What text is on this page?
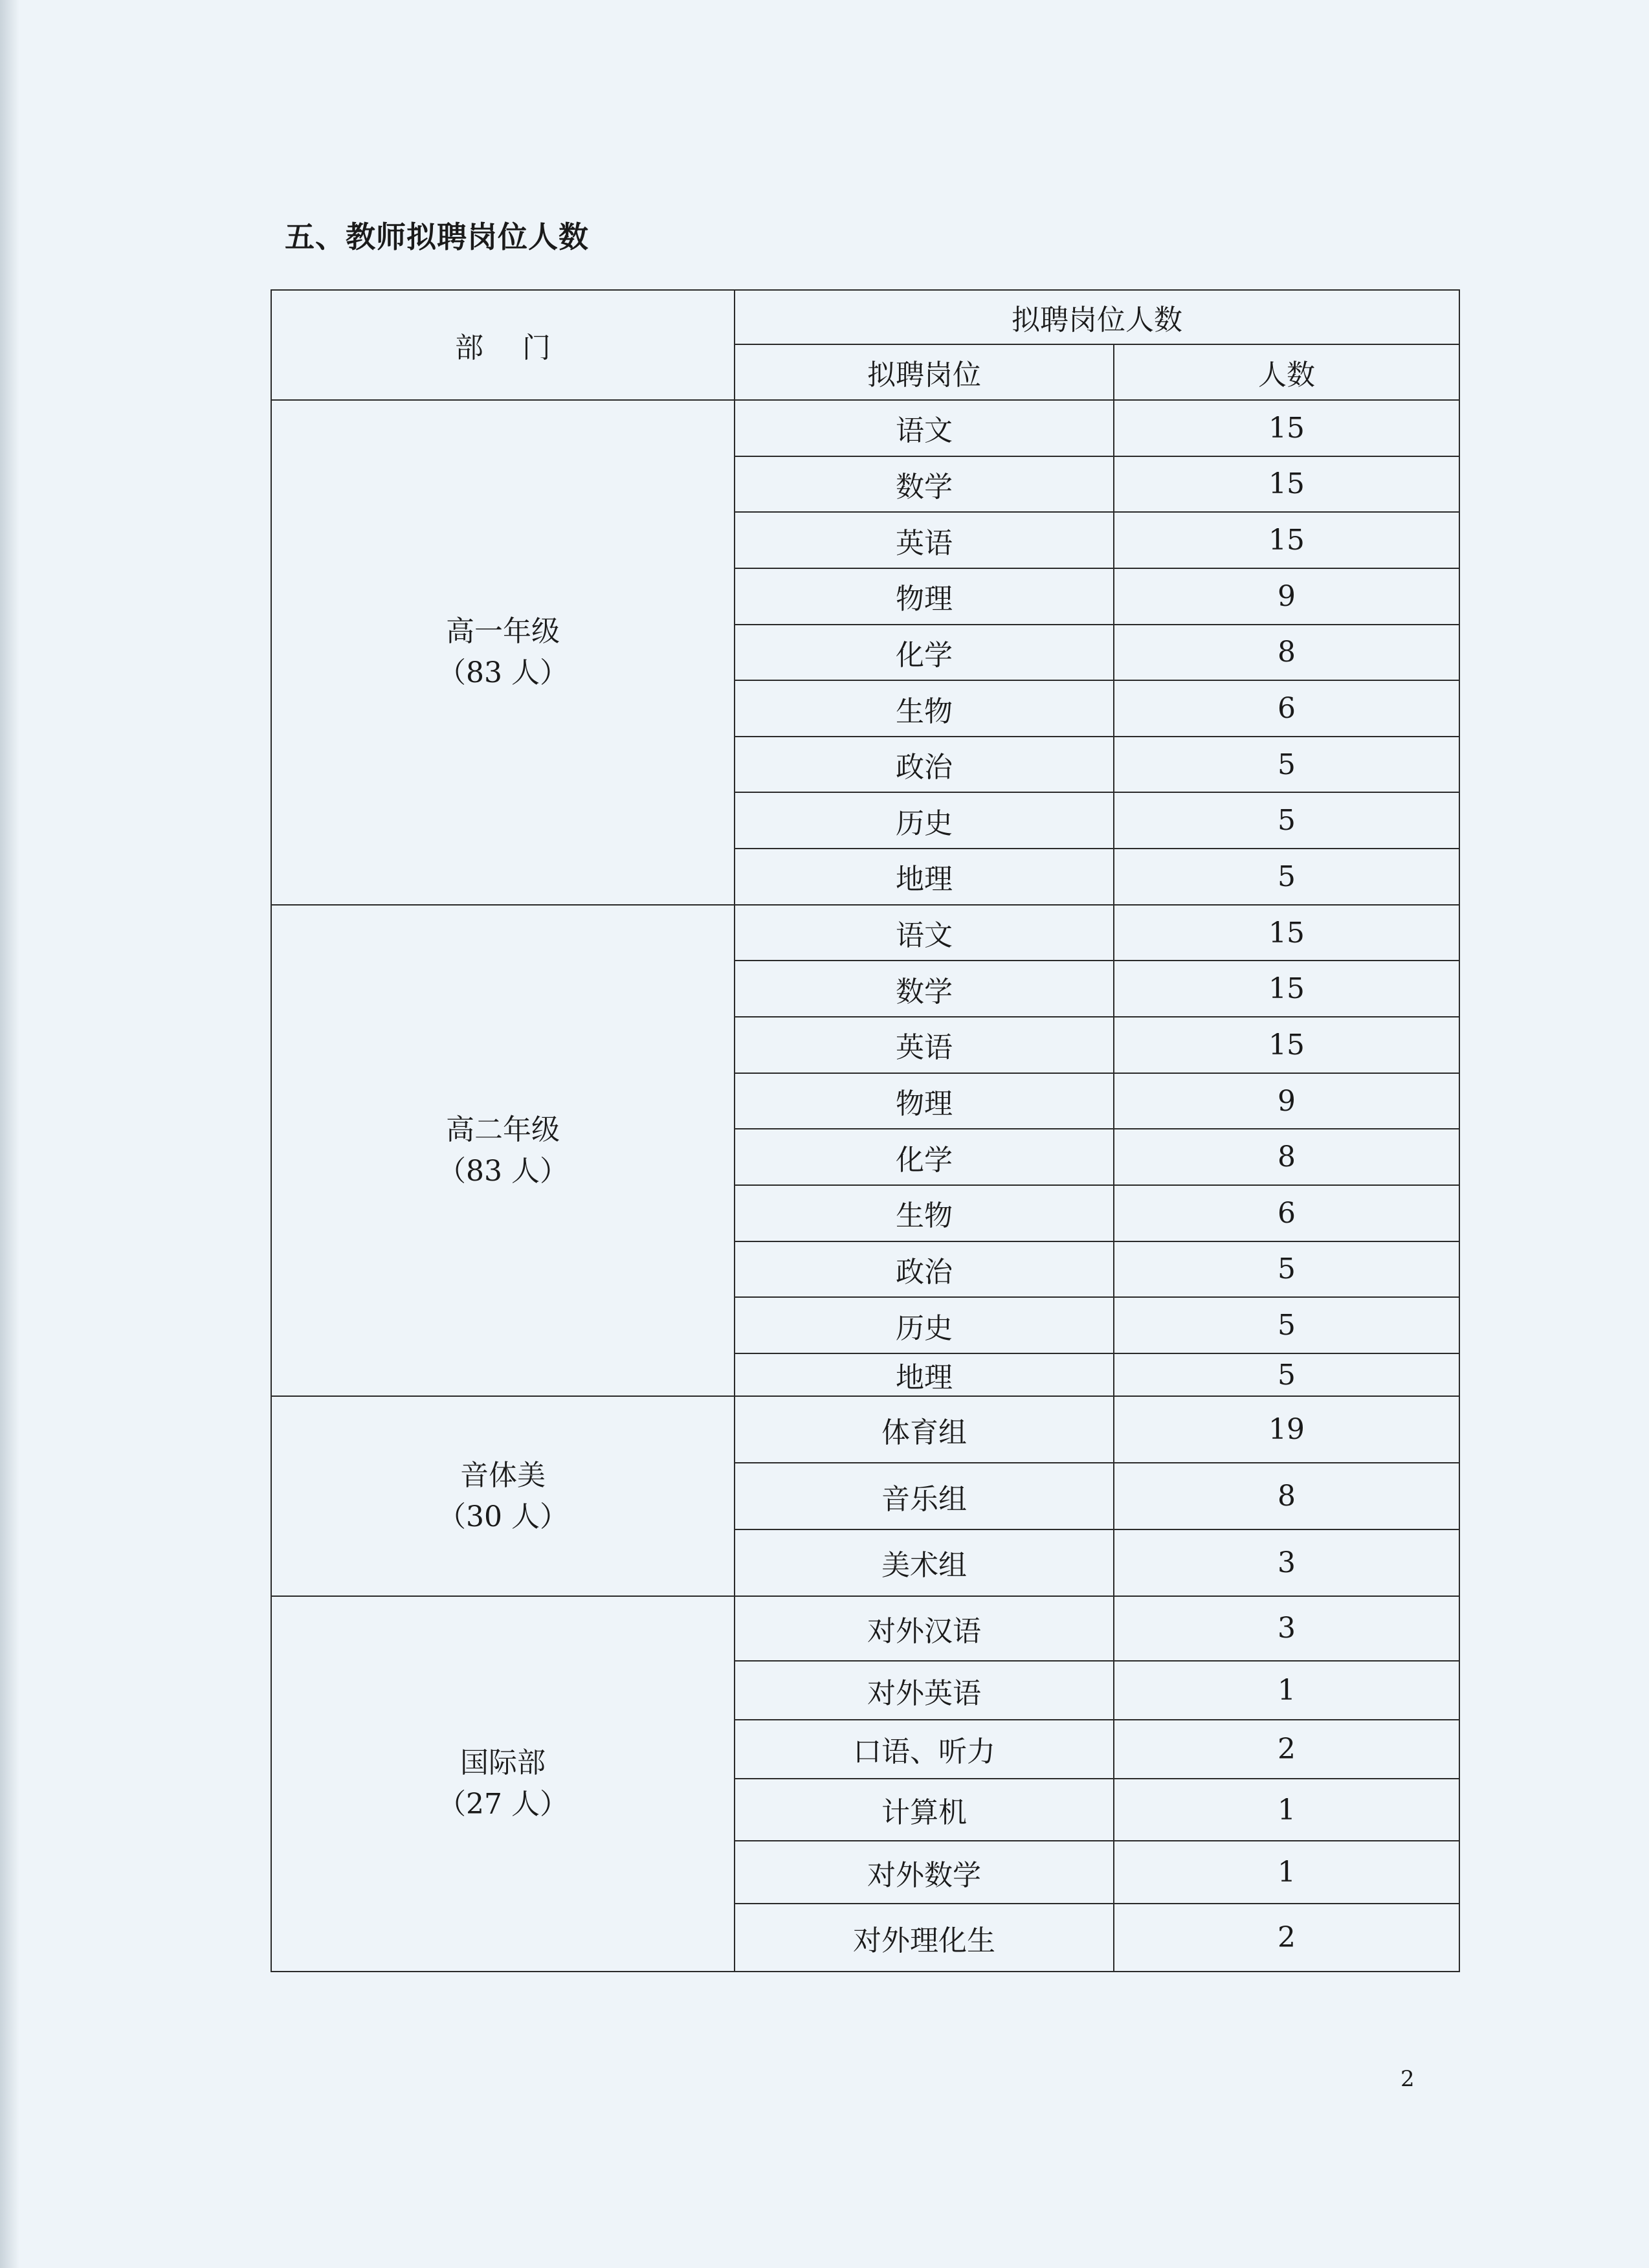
五、教师拟聘岗位人数
部门	拟聘岗位人数	
	拟聘岗位	人数

高一年级
（83 人）	语文	15
	数学	15
	英语	15
	物理	9
	化学	8
	生物	6
	政治	5
	历史	5
	地理	5

高二年级
（83 人）	语文	15
	数学	15
	英语	15
	物理	9
	化学	8
	生物	6
	政治	5
	历史	5
	地理	5

音体美
（30 人）	体育组	19
	音乐组	8
	美术组	3

国际部
（27 人）	对外汉语	3
	对外英语	1
	口语、听力	2
	计算机	1
	对外数学	1
	对外理化生	2
2
